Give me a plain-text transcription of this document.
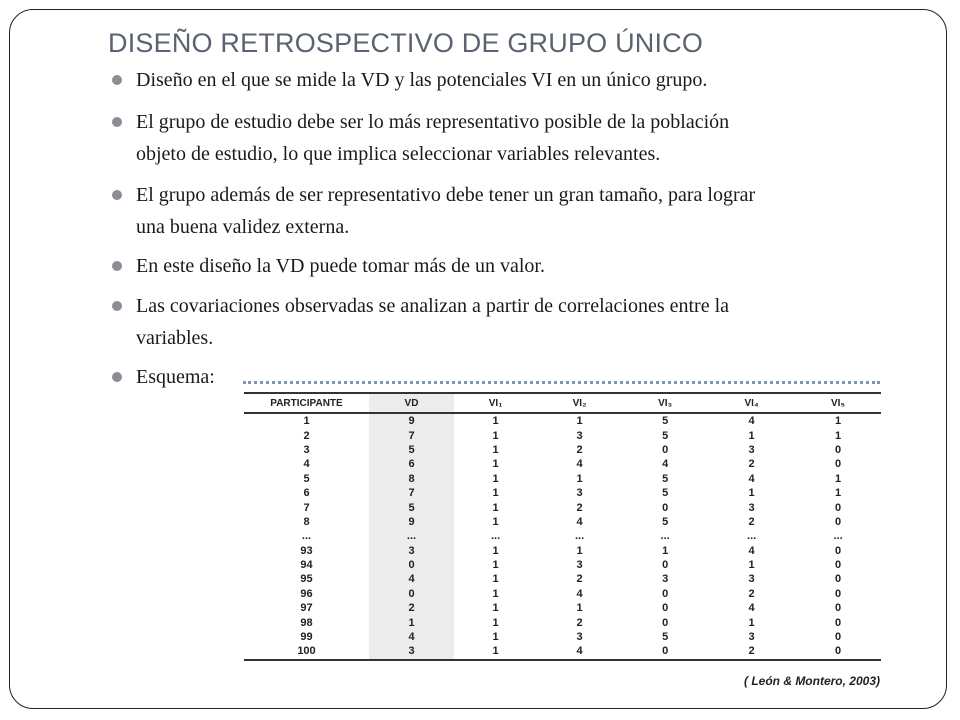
DISEÑO RETROSPECTIVO DE GRUPO ÚNICO
Diseño en el que se mide la VD y las potenciales VI en un único grupo.
El grupo de estudio debe ser lo más representativo posible de la población
objeto de estudio, lo que implica seleccionar variables relevantes.
El grupo además de ser representativo debe tener un gran tamaño, para lograr
una buena validez externa.
En este diseño la VD puede tomar más de un valor.
Las covariaciones observadas se analizan a partir de correlaciones entre la
variables.
Esquema:
PARTICIPANTE	VD	VI₁	VI₂	VI₃	VI₄	VI₅
1	9	1	1	5	4	1
2	7	1	3	5	1	1
3	5	1	2	0	3	0
4	6	1	4	4	2	0
5	8	1	1	5	4	1
6	7	1	3	5	1	1
7	5	1	2	0	3	0
8	9	1	4	5	2	0
...	...	...	...	...	...	...
93	3	1	1	1	4	0
94	0	1	3	0	1	0
95	4	1	2	3	3	0
96	0	1	4	0	2	0
97	2	1	1	0	4	0
98	1	1	2	0	1	0
99	4	1	3	5	3	0
100	3	1	4	0	2	0
( León & Montero, 2003)
